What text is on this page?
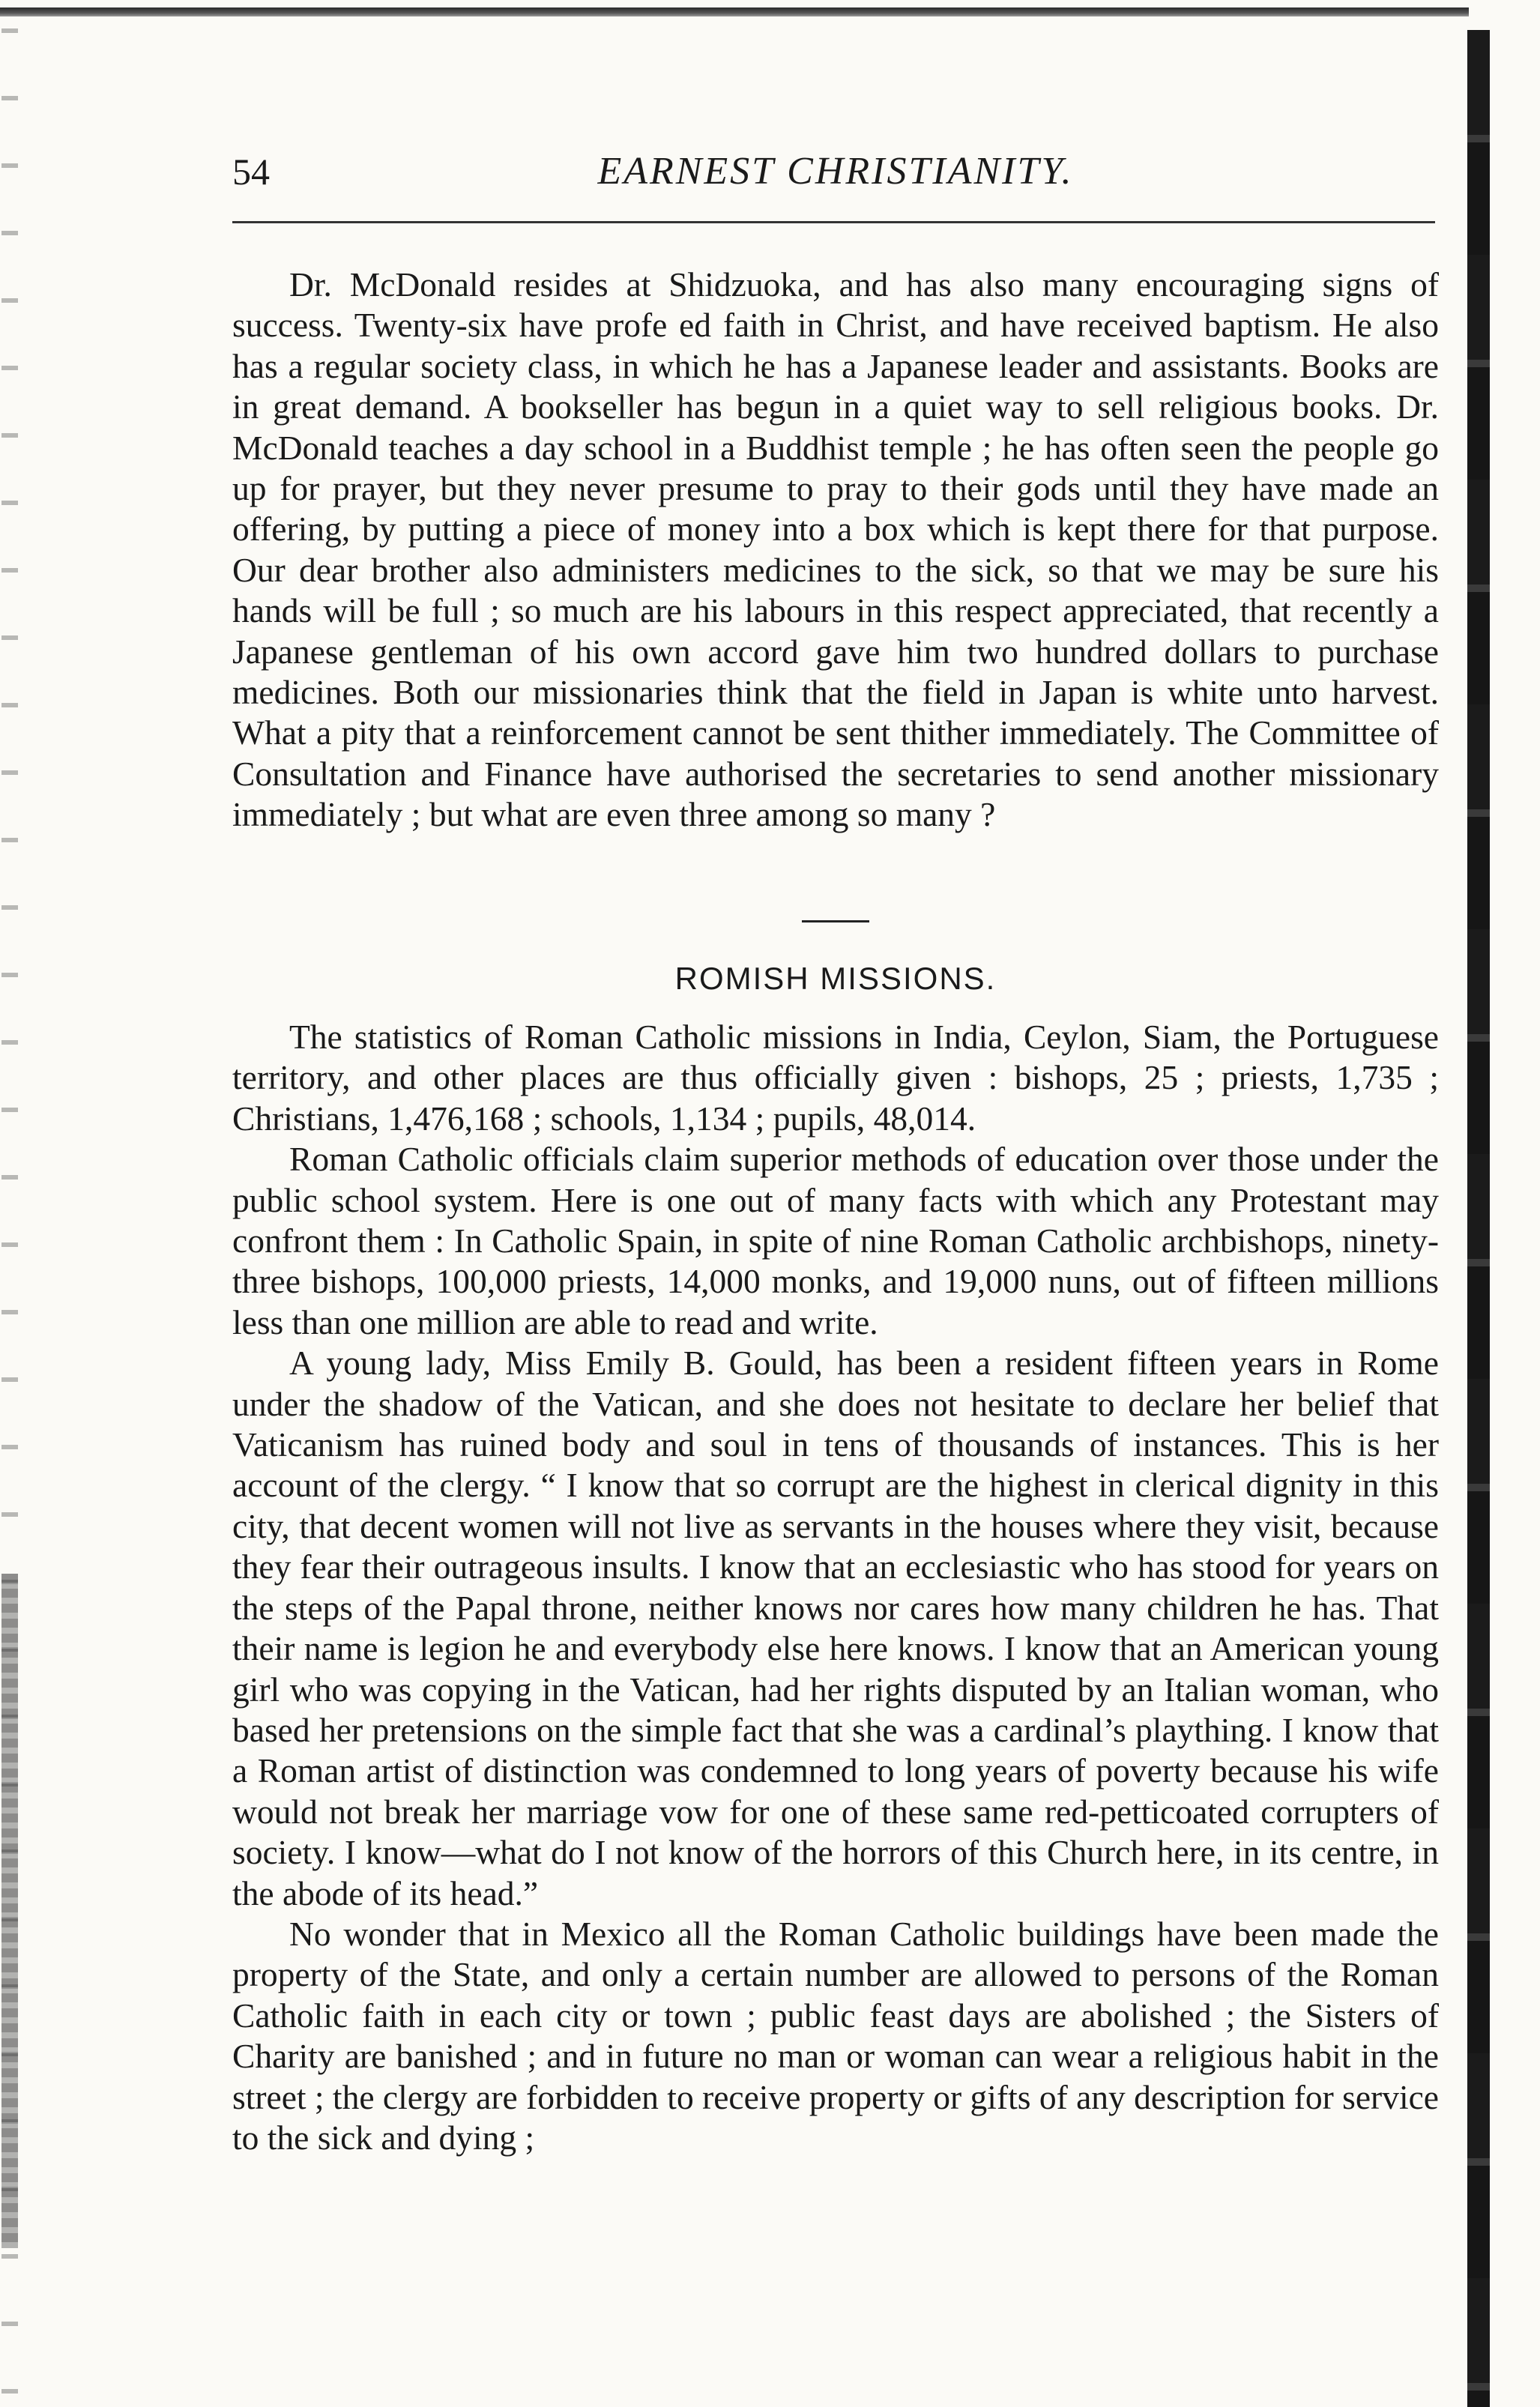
54	EARNEST CHRISTIANITY.

Dr. McDonald resides at Shidzuoka, and has also many encouraging signs of success. Twenty-six have profe ed faith in Christ, and have received baptism. He also has a regular society class, in which he has a Japanese leader and assistants. Books are in great demand. A bookseller has begun in a quiet way to sell religious books. Dr. McDonald teaches a day school in a Buddhist temple ; he has often seen the people go up for prayer, but they never presume to pray to their gods until they have made an offering, by putting a piece of money into a box which is kept there for that purpose. Our dear brother also administers medicines to the sick, so that we may be sure his hands will be full ; so much are his labours in this respect appreciated, that recently a Japanese gentleman of his own accord gave him two hundred dollars to purchase medicines. Both our missionaries think that the field in Japan is white unto harvest. What a pity that a reinforcement cannot be sent thither immediately. The Committee of Consultation and Finance have authorised the secretaries to send another missionary immediately ; but what are even three among so many ?

ROMISH MISSIONS.

The statistics of Roman Catholic missions in India, Ceylon, Siam, the Portuguese territory, and other places are thus officially given : bishops, 25 ; priests, 1,735 ; Christians, 1,476,168 ; schools, 1,134 ; pupils, 48,014.

Roman Catholic officials claim superior methods of education over those under the public school system. Here is one out of many facts with which any Protestant may confront them : In Catholic Spain, in spite of nine Roman Catholic archbishops, ninety-three bishops, 100,000 priests, 14,000 monks, and 19,000 nuns, out of fifteen millions less than one million are able to read and write.

A young lady, Miss Emily B. Gould, has been a resident fifteen years in Rome under the shadow of the Vatican, and she does not hesitate to declare her belief that Vaticanism has ruined body and soul in tens of thousands of instances. This is her account of the clergy. “ I know that so corrupt are the highest in clerical dignity in this city, that decent women will not live as servants in the houses where they visit, because they fear their outrageous insults. I know that an ecclesiastic who has stood for years on the steps of the Papal throne, neither knows nor cares how many children he has. That their name is legion he and everybody else here knows. I know that an American young girl who was copying in the Vatican, had her rights disputed by an Italian woman, who based her pretensions on the simple fact that she was a cardinal’s plaything. I know that a Roman artist of distinction was condemned to long years of poverty because his wife would not break her marriage vow for one of these same red-petticoated corrupters of society. I know—what do I not know of the horrors of this Church here, in its centre, in the abode of its head.”

No wonder that in Mexico all the Roman Catholic buildings have been made the property of the State, and only a certain number are allowed to persons of the Roman Catholic faith in each city or town ; public feast days are abolished ; the Sisters of Charity are banished ; and in future no man or woman can wear a religious habit in the street ; the clergy are forbidden to receive property or gifts of any description for service to the sick and dying ;
